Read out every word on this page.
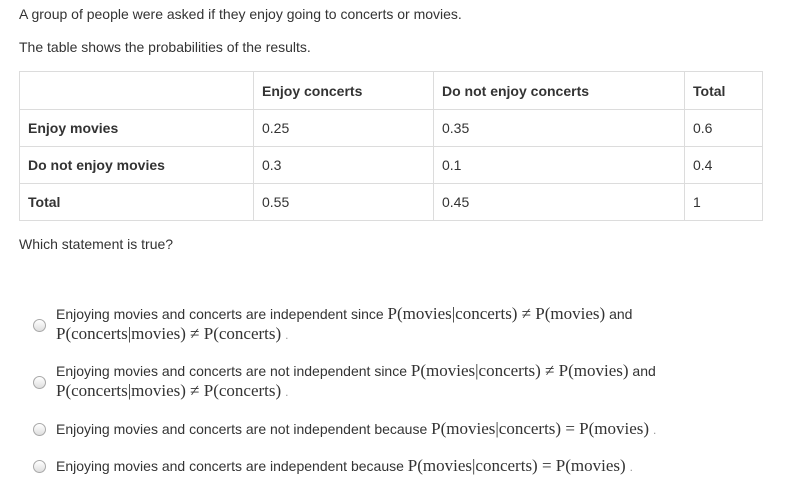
A group of people were asked if they enjoy going to concerts or movies.
The table shows the probabilities of the results.
	Enjoy concerts	Do not enjoy concerts	Total
Enjoy movies	0.25	0.35	0.6
Do not enjoy movies	0.3	0.1	0.4
Total	0.55	0.45	1
Which statement is true?
Enjoying movies and concerts are independent since P(movies|concerts) ≠ P(movies) and
P(concerts|movies) ≠ P(concerts) .
Enjoying movies and concerts are not independent since P(movies|concerts) ≠ P(movies) and
P(concerts|movies) ≠ P(concerts) .
Enjoying movies and concerts are not independent because P(movies|concerts) = P(movies) .
Enjoying movies and concerts are independent because P(movies|concerts) = P(movies) .
